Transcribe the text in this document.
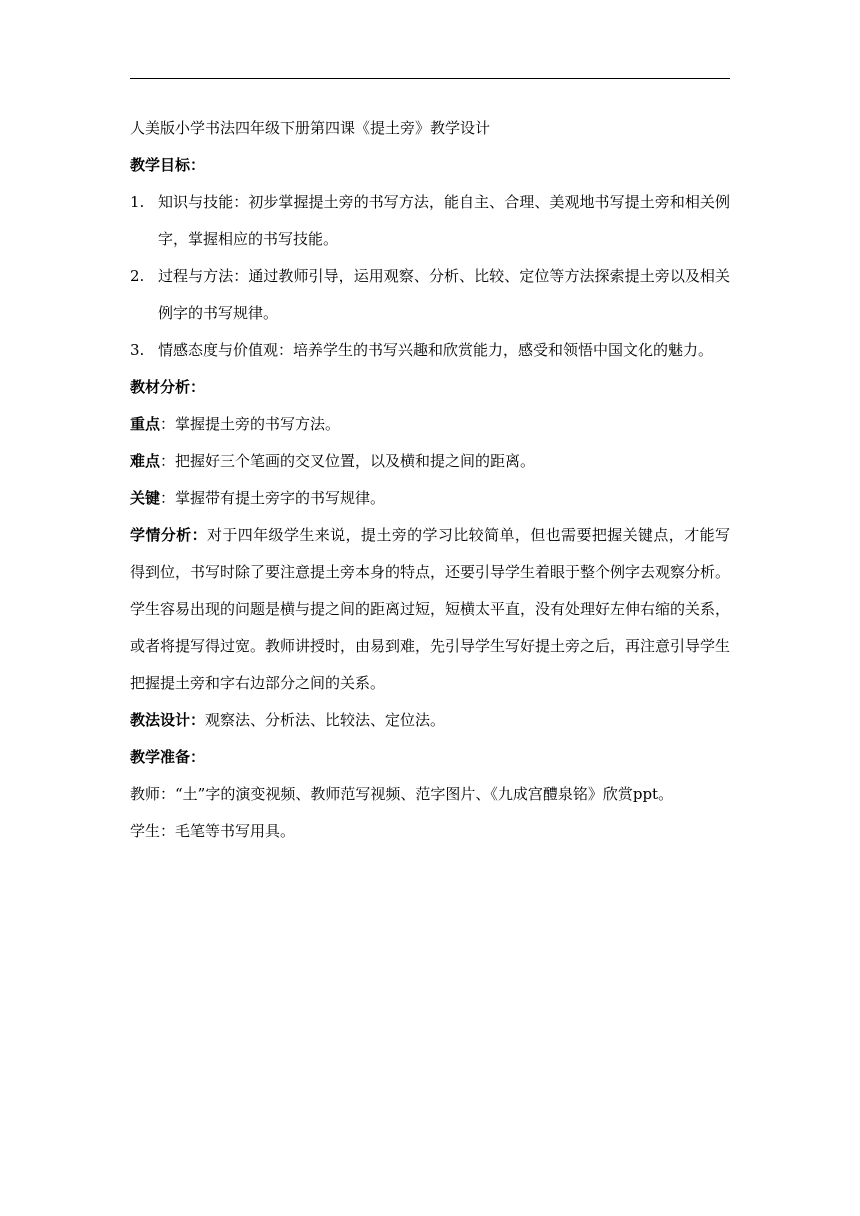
人美版小学书法四年级下册第四课《提土旁》教学设计

教学目标：

1. 知识与技能：初步掌握提土旁的书写方法，能自主、合理、美观地书写提土旁和相关例字，掌握相应的书写技能。
2. 过程与方法：通过教师引导，运用观察、分析、比较、定位等方法探索提土旁以及相关例字的书写规律。
3. 情感态度与价值观：培养学生的书写兴趣和欣赏能力，感受和领悟中国文化的魅力。

教材分析：

重点：掌握提土旁的书写方法。

难点：把握好三个笔画的交叉位置，以及横和提之间的距离。

关键：掌握带有提土旁字的书写规律。

学情分析：对于四年级学生来说，提土旁的学习比较简单，但也需要把握关键点，才能写得到位，书写时除了要注意提土旁本身的特点，还要引导学生着眼于整个例字去观察分析。学生容易出现的问题是横与提之间的距离过短，短横太平直，没有处理好左伸右缩的关系，或者将提写得过宽。教师讲授时，由易到难，先引导学生写好提土旁之后，再注意引导学生把握提土旁和字右边部分之间的关系。

教法设计：观察法、分析法、比较法、定位法。

教学准备：

教师：“土”字的演变视频、教师范写视频、范字图片、《九成宫醴泉铭》欣赏ppt。

学生：毛笔等书写用具。
